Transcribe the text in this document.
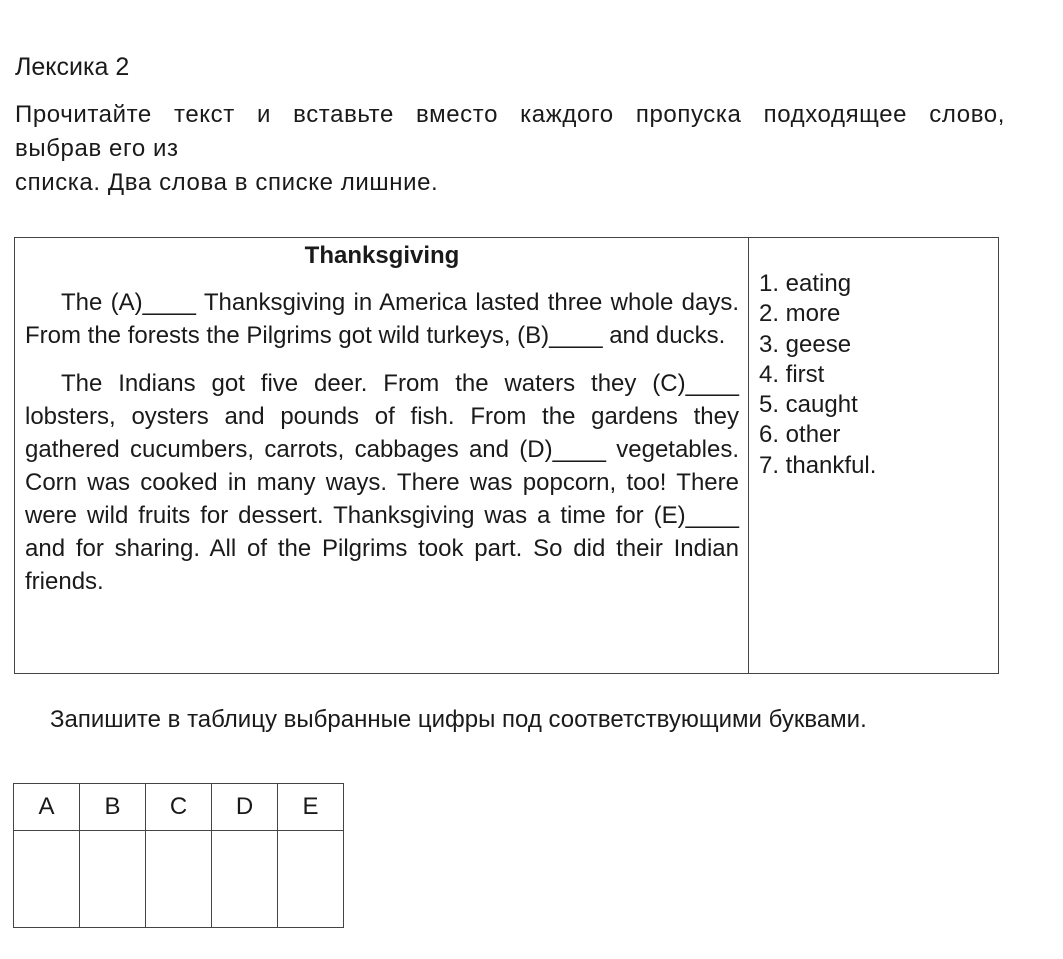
Лексика 2
Прочитайте текст и вставьте вместо каждого пропуска подходящее слово,
выбрав его из
списка. Два слова в списке лишние.
Thanksgiving

The (A)____ Thanksgiving in America lasted three whole days. From the forests the Pilgrims got wild turkeys, (B)____ and ducks.

The Indians got five deer. From the waters they (C)____ lobsters, oysters and pounds of fish. From the gardens they gathered cucumbers, carrots, cabbages and (D)____ vegetables. Corn was cooked in many ways. There was popcorn, too! There were wild fruits for dessert. Thanksgiving was a time for (E)____ and for sharing. All of the Pilgrims took part. So did their Indian friends.

1. eating
2. more
3. geese
4. first
5. caught
6. other
7. thankful.
Запишите в таблицу выбранные цифры под соответствующими буквами.
A	B	C	D	E
